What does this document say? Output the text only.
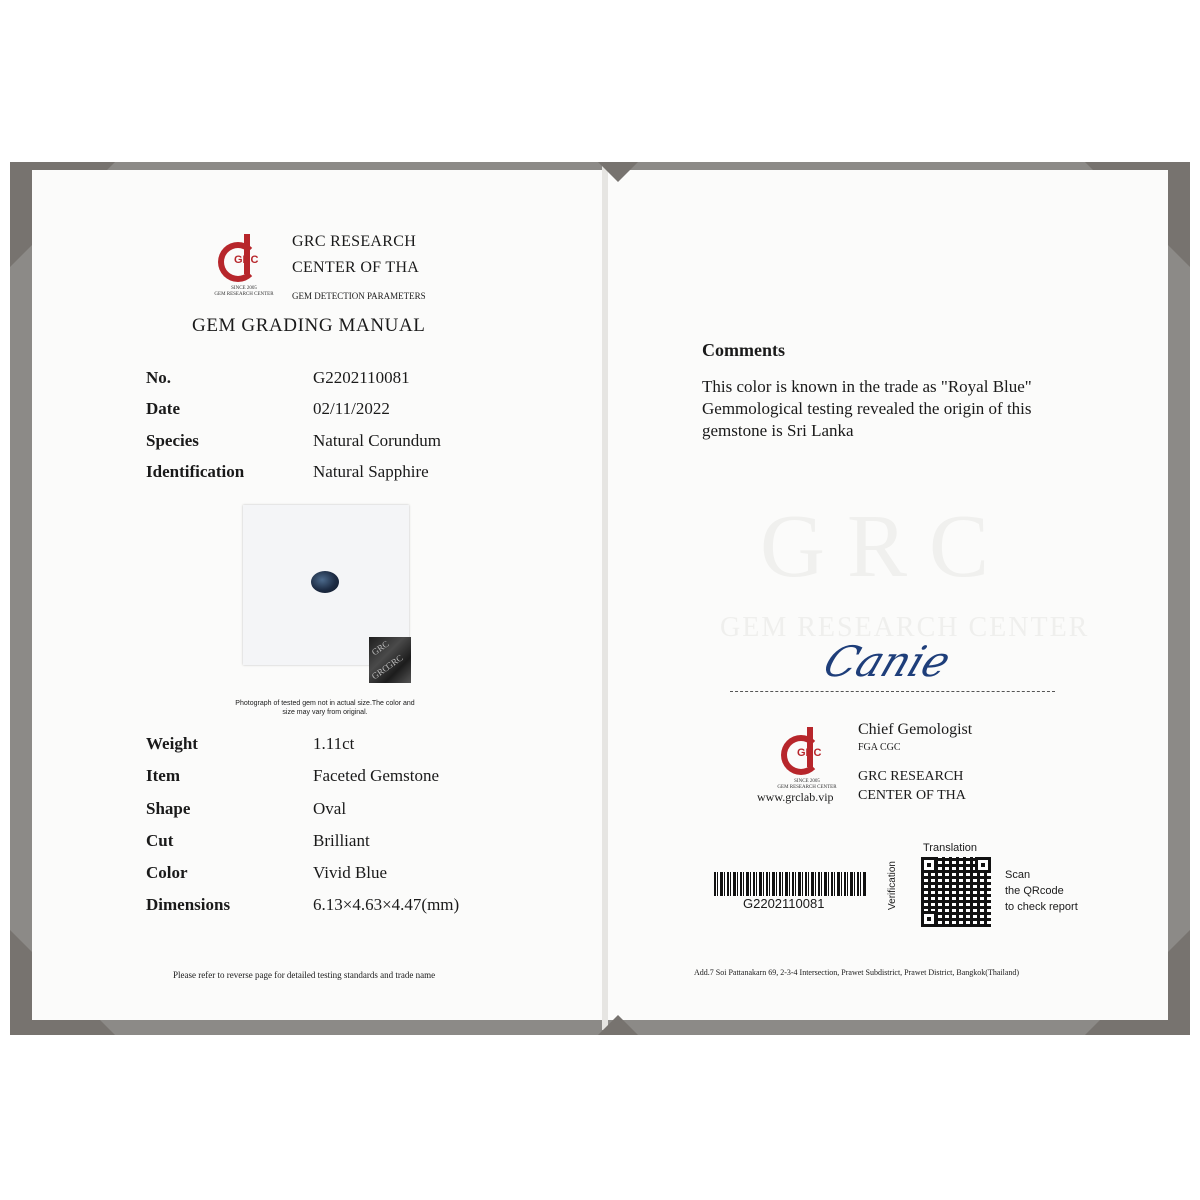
GRC
SINCE 2005
GEM RESEARCH CENTER
GRC RESEARCH
CENTER OF THA
GEM DETECTION PARAMETERS
GEM GRADING MANUAL
No.	G2202110081
Date	02/11/2022
Species	Natural Corundum
Identification	Natural Sapphire
GRC
GRC
GRC
Photograph of tested gem not in actual size.The color and
size may vary from original.
Weight	1.11ct
Item	Faceted Gemstone
Shape	Oval
Cut	Brilliant
Color	Vivid Blue
Dimensions	6.13×4.63×4.47(mm)
Please refer to reverse page for detailed testing standards and trade name
GRC
GEM RESEARCH CENTER
Comments
This color is known in the trade as "Royal Blue"
Gemmological testing revealed the origin of this
gemstone is Sri Lanka
Canie
GRC
SINCE 2005
GEM RESEARCH CENTER
www.grclab.vip
Chief Gemologist
FGA CGC
GRC RESEARCH
CENTER OF THA
G2202110081
Translation
Verification	Scan
the QRcode
to check report
Add.7 Soi Pattanakarn 69, 2-3-4 Intersection, Prawet Subdistrict, Prawet District, Bangkok(Thailand)
